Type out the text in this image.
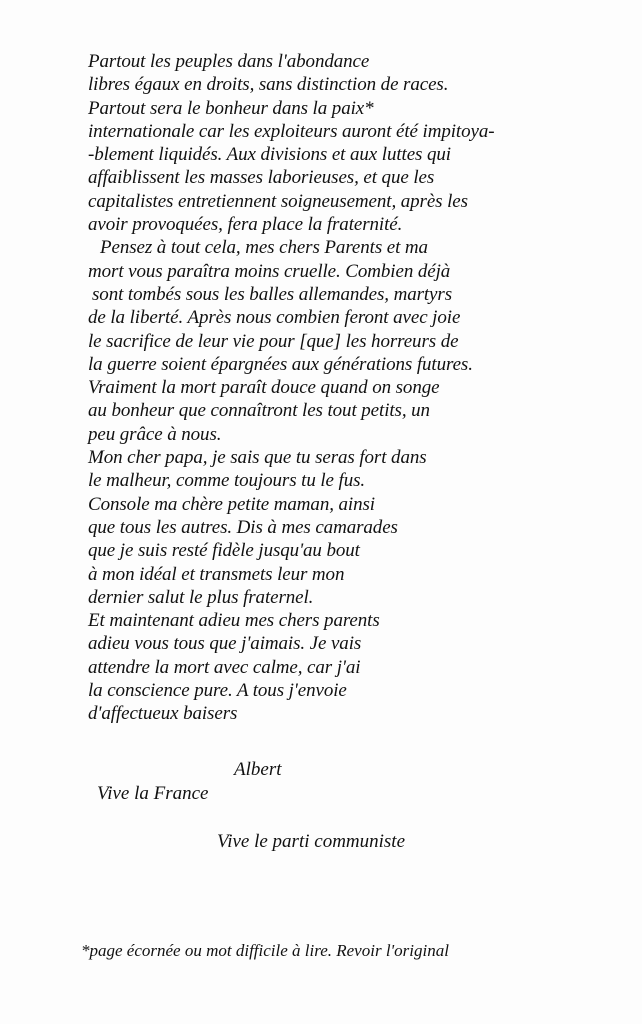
Partout les peuples dans l'abondance
libres égaux en droits, sans distinction de races.
Partout sera le bonheur dans la paix*
internationale car les exploiteurs auront été impitoya-
-blement liquidés. Aux divisions et aux luttes qui
affaiblissent les masses laborieuses, et que les
capitalistes entretiennent soigneusement, après les
avoir provoquées, fera place la fraternité.
Pensez à tout cela, mes chers Parents et ma
mort vous paraîtra moins cruelle. Combien déjà
sont tombés sous les balles allemandes, martyrs
de la liberté. Après nous combien feront avec joie
le sacrifice de leur vie pour [que] les horreurs de
la guerre soient épargnées aux générations futures.
Vraiment la mort paraît douce quand on songe
au bonheur que connaîtront les tout petits, un
peu grâce à nous.
Mon cher papa, je sais que tu seras fort dans
le malheur, comme toujours tu le fus.
Console ma chère petite maman, ainsi
que tous les autres. Dis à mes camarades
que je suis resté fidèle jusqu'au bout
à mon idéal et transmets leur mon
dernier salut le plus fraternel.
Et maintenant adieu mes chers parents
adieu vous tous que j'aimais. Je vais
attendre la mort avec calme, car j'ai
la conscience pure. A tous j'envoie
d'affectueux baisers
Albert
Vive la France
Vive le parti communiste
*page écornée ou mot difficile à lire. Revoir l'original
